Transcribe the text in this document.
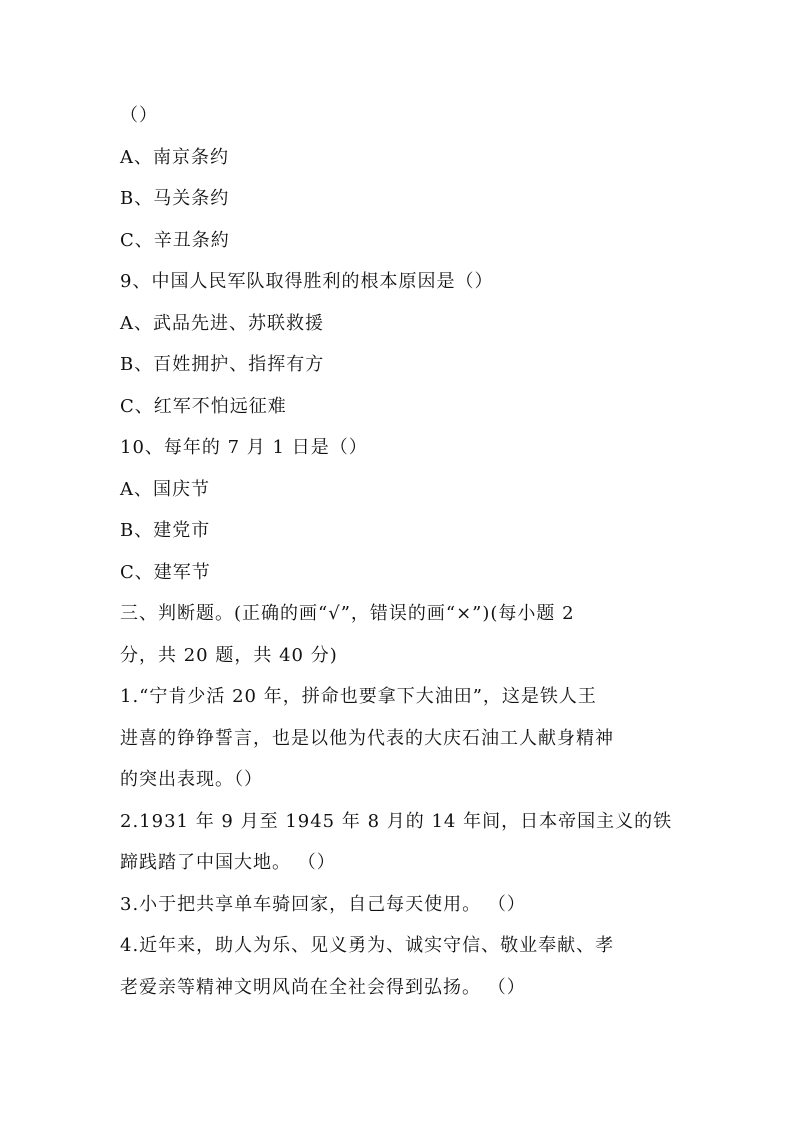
（）
A、南京条约
B、马关条约
C、辛丑条約
9、中国人民军队取得胜利的根本原因是（）
A、武品先进、苏联救援
B、百姓拥护、指挥有方
C、红军不怕远征难
10、每年的 7 月 1 日是（）
A、国庆节
B、建党市
C、建军节
三、判断题。(正确的画“√”，错误的画“×”)(每小题 2
分，共 20 题，共 40 分)
1.“宁肯少活 20 年，拼命也要拿下大油田”，这是铁人王
进喜的铮铮誓言，也是以他为代表的大庆石油工人献身精神
的突出表现。（）
2.1931 年 9 月至 1945 年 8 月的 14 年间，日本帝国主义的铁
蹄践踏了中国大地。 （）
3.小于把共享单车骑回家，自己每天使用。 （）
4.近年来，助人为乐、见义勇为、诚实守信、敬业奉献、孝
老爱亲等精神文明风尚在全社会得到弘扬。 （）
